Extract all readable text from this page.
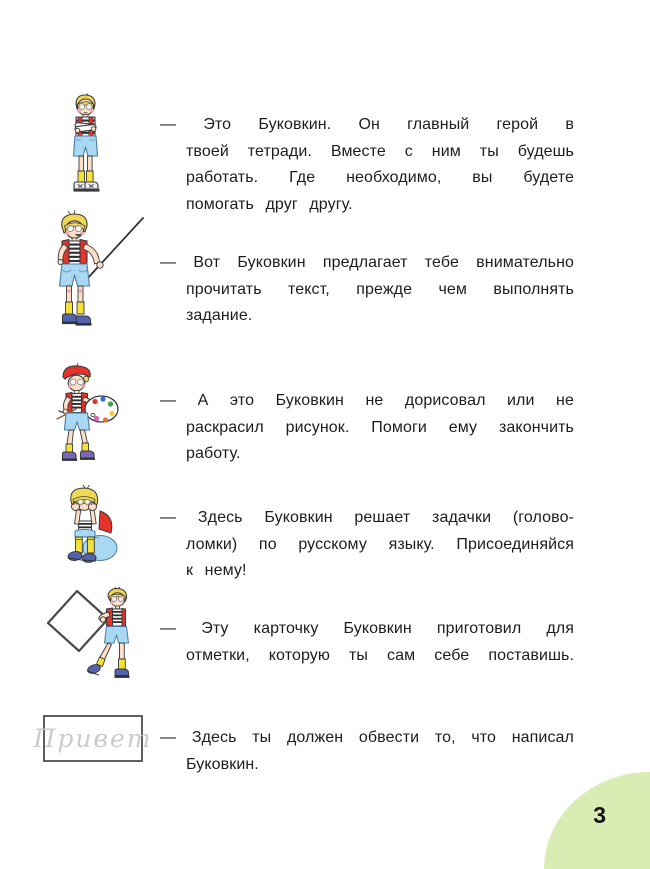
— Это Буковкин. Он главный герой в
твоей тетради. Вместе с ним ты будешь
работать. Где необходимо, вы будете
помогать друг другу.
— Вот Буковкин предлагает тебе внимательно
прочитать текст, прежде чем выполнять
задание.
— А это Буковкин не дорисовал или не
раскрасил рисунок. Помоги ему закончить
работу.
— Здесь Буковкин решает задачки (голово-
ломки) по русскому языку. Присоединяйся
к нему!
— Эту карточку Буковкин приготовил для
отметки, которую ты сам себе поставишь.
Привет — Здесь ты должен обвести то, что написал
Буковкин.
3
